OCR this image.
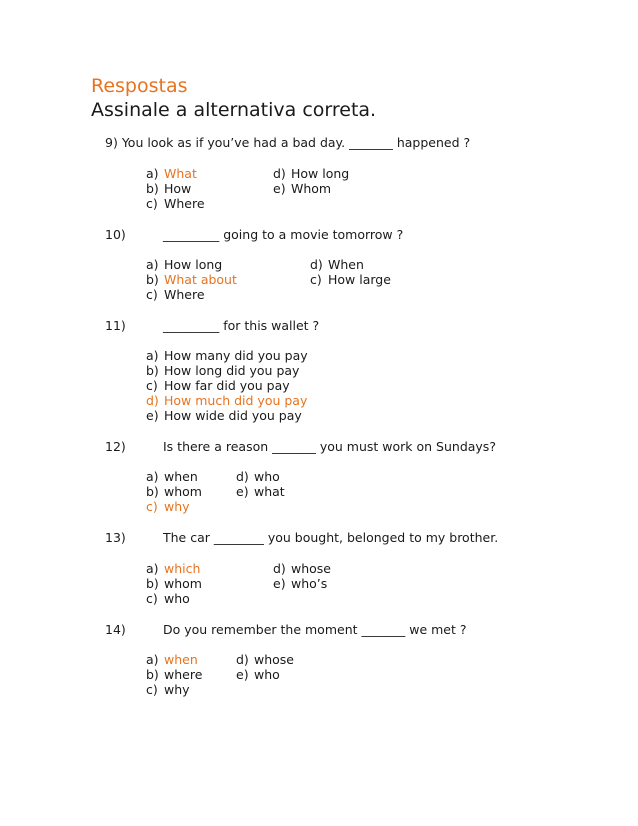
Respostas
Assinale a alternativa correta.
9) You look as if you’ve had a bad day. _______ happened ?
a) What
b) How
c) Where
d) How long
e) Whom
10)	_________ going to a movie tomorrow ?
a) How long
b) What about
c) Where
d) When
c) How large
11)	_________ for this wallet ?
a) How many did you pay
b) How long did you pay
c) How far did you pay
d) How much did you pay
e) How wide did you pay
12)	Is there a reason _______ you must work on Sundays?
a) when
b) whom
c) why
d) who
e) what
13)	The car ________ you bought, belonged to my brother.
a) which
b) whom
c) who
d) whose
e) who’s
14)	Do you remember the moment _______ we met ?
a) when
b) where
c) why
d) whose
e) who
